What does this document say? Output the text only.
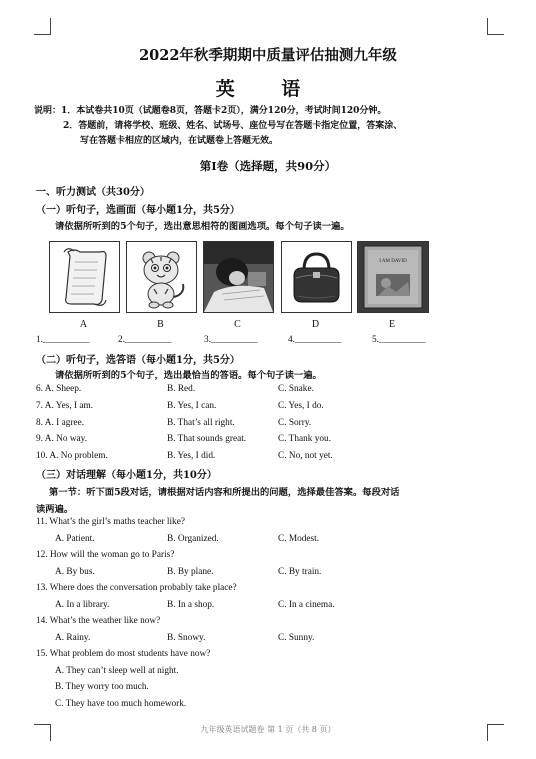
2022年秋季期期中质量评估抽测九年级
英 语
说明：1．本试卷共10页（试题卷8页，答题卡2页），满分120分，考试时间120分钟。
2．答题前，请将学校、班级、姓名、试场号、座位号写在答题卡指定位置，答案涂、
写在答题卡相应的区域内，在试题卷上答题无效。
第Ⅰ卷（选择题，共90分）
一、听力测试（共30分）
（一）听句子，选画面（每小题1分，共5分）
请依据所听到的5个句子，选出意思相符的图画选项。每个句子读一遍。
I AM DAVID
A	B	C	D	E
1.__________	2.__________	3.__________	4.__________	5.__________
（二）听句子，选答语（每小题1分，共5分）
请依据所听到的5个句子，选出最恰当的答语。每个句子读一遍。
6. A. Sheep.	B. Red.	C. Snake.
7. A. Yes, I am.	B. Yes, I can.	C. Yes, I do.
8. A. I agree.	B. That’s all right.	C. Sorry.
9. A. No way.	B. That sounds great.	C. Thank you.
10. A. No problem.	B. Yes, I did.	C. No, not yet.
（三）对话理解（每小题1分，共10分）
第一节：听下面5段对话，请根据对话内容和所提出的问题，选择最佳答案。每段对话
读两遍。
11. What’s the girl’s maths teacher like?
A. Patient.	B. Organized.	C. Modest.
12. How will the woman go to Paris?
A. By bus.	B. By plane.	C. By train.
13. Where does the conversation probably take place?
A. In a library.	B. In a shop.	C. In a cinema.
14. What’s the weather like now?
A. Rainy.	B. Snowy.	C. Sunny.
15. What problem do most students have now?
A. They can’t sleep well at night.
B. They worry too much.
C. They have too much homework.
九年级英语试题卷 第 1 页（共 8 页）
